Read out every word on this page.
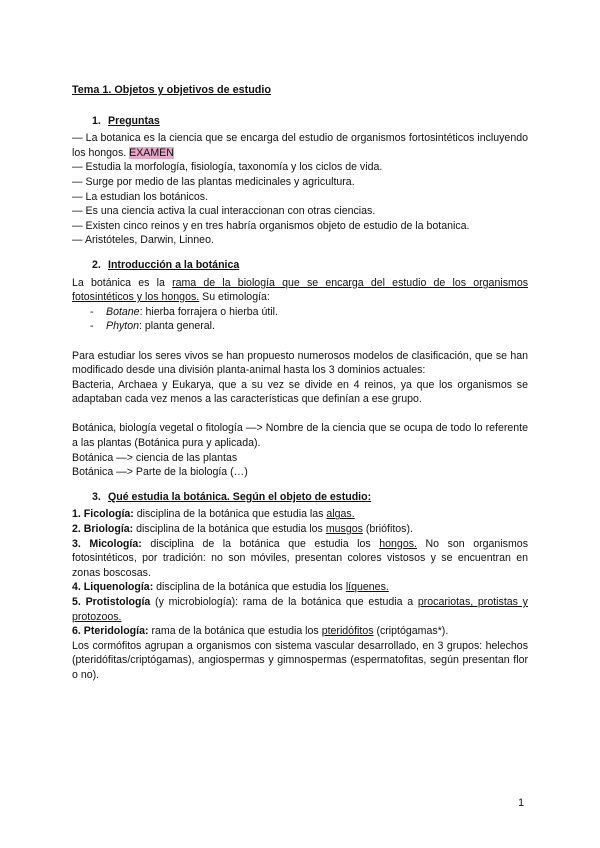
Tema 1. Objetos y objetivos de estudio
1. Preguntas

— La botanica es la ciencia que se encarga del estudio de organismos fortosintéticos incluyendo los hongos. EXAMEN

— Estudia la morfología, fisiología, taxonomía y los ciclos de vida.

— Surge por medio de las plantas medicinales y agricultura.

— La estudian los botánicos.

— Es una ciencia activa la cual interaccionan con otras ciencias.

— Existen cinco reinos y en tres habría organismos objeto de estudio de la botanica.

— Aristóteles, Darwin, Linneo.

2. Introducción a la botánica

La botánica es la rama de la biología que se encarga del estudio de los organismos fotosintéticos y los hongos. Su etimología:

- Botane: hierba forrajera o hierba útil.

- Phyton: planta general.

Para estudiar los seres vivos se han propuesto numerosos modelos de clasificación, que se han modificado desde una división planta-animal hasta los 3 dominios actuales:

Bacteria, Archaea y Eukarya, que a su vez se divide en 4 reinos, ya que los organismos se adaptaban cada vez menos a las características que definían a ese grupo.

Botánica, biología vegetal o fitología —> Nombre de la ciencia que se ocupa de todo lo referente a las plantas (Botánica pura y aplicada).

Botánica —> ciencia de las plantas

Botánica —> Parte de la biología (…)

3. Qué estudia la botánica. Según el objeto de estudio:

1. Ficología: disciplina de la botánica que estudia las algas.

2. Briología: disciplina de la botánica que estudia los musgos (briófitos).

3. Micología: disciplina de la botánica que estudia los hongos. No son organismos fotosintéticos, por tradición: no son móviles, presentan colores vistosos y se encuentran en zonas boscosas.

4. Liquenología: disciplina de la botánica que estudia los líquenes.

5. Protistología (y microbiología): rama de la botánica que estudia a procariotas, protistas y protozoos.

6. Pteridología: rama de la botánica que estudia los pteridófitos (criptógamas*).

Los cormófitos agrupan a organismos con sistema vascular desarrollado, en 3 grupos: helechos (pteridófitas/criptógamas), angiospermas y gimnospermas (espermatofitas, según presentan flor o no).

1
